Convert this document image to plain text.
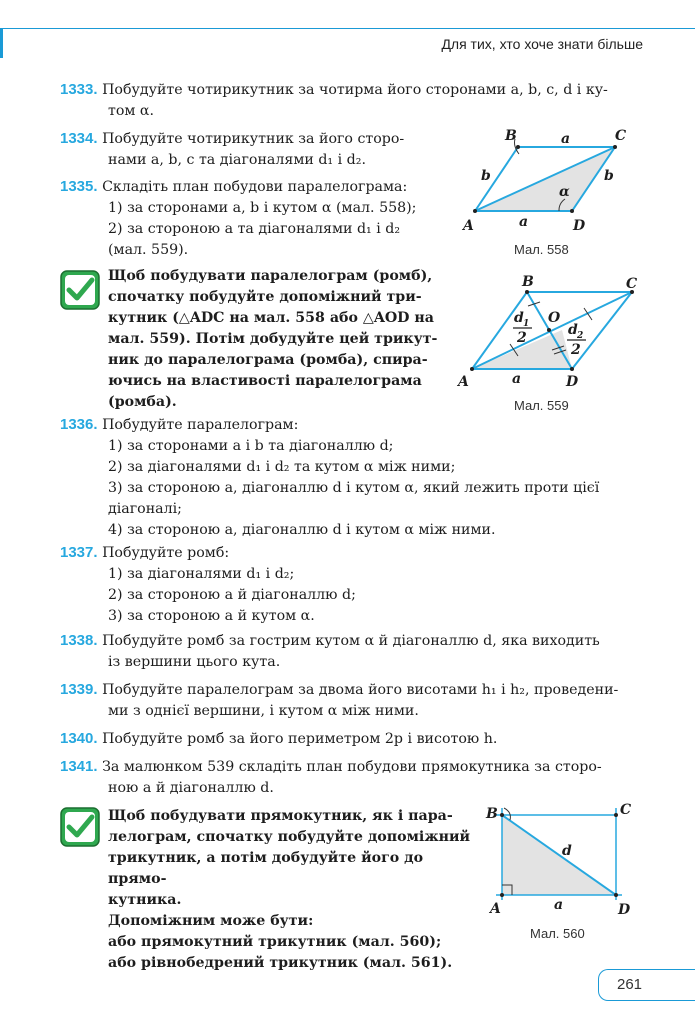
Для тих, хто хоче знати більше
1333. Побудуйте чотирикутник за чотирма його сторонами a, b, c, d і ку-
том α.
1334. Побудуйте чотирикутник за його сторо-
нами a, b, c та діагоналями d₁ і d₂.
1335. Складіть план побудови паралелограма:
1) за сторонами a, b і кутом α (мал. 558);
2) за стороною a та діагоналями d₁ і d₂
(мал. 559).
A
B	C
D
a
a
b	b
α
Мал. 558
Щоб побудувати паралелограм (ромб),
спочатку побудуйте допоміжний три-
кутник (△ADC на мал. 558 або △AOD на
мал. 559). Потім добудуйте цей трикут-
ник до паралелограма (ромба), спира-
ючись на властивості паралелограма
(ромба).
A
B	C
D
O
a
d 1
2	d 2
2
Мал. 559
1336. Побудуйте паралелограм:
1) за сторонами a і b та діагоналлю d;
2) за діагоналями d₁ і d₂ та кутом α між ними;
3) за стороною a, діагоналлю d і кутом α, який лежить проти цієї
діагоналі;
4) за стороною a, діагоналлю d і кутом α між ними.
1337. Побудуйте ромб:
1) за діагоналями d₁ і d₂;
2) за стороною a й діагоналлю d;
3) за стороною a й кутом α.
1338. Побудуйте ромб за гострим кутом α й діагоналлю d, яка виходить
із вершини цього кута.
1339. Побудуйте паралелограм за двома його висотами h₁ і h₂, проведени-
ми з однієї вершини, і кутом α між ними.
1340. Побудуйте ромб за його периметром 2p і висотою h.
1341. За малюнком 539 складіть план побудови прямокутника за сторо-
ною a й діагоналлю d.
Щоб побудувати прямокутник, як і пара-
лелограм, спочатку побудуйте допоміжний
трикутник, а потім добудуйте його до прямо-
кутника.
Допоміжним може бути:
або прямокутний трикутник (мал. 560);
або рівнобедрений трикутник (мал. 561).
B	C
A	D
a
d
Мал. 560
261
